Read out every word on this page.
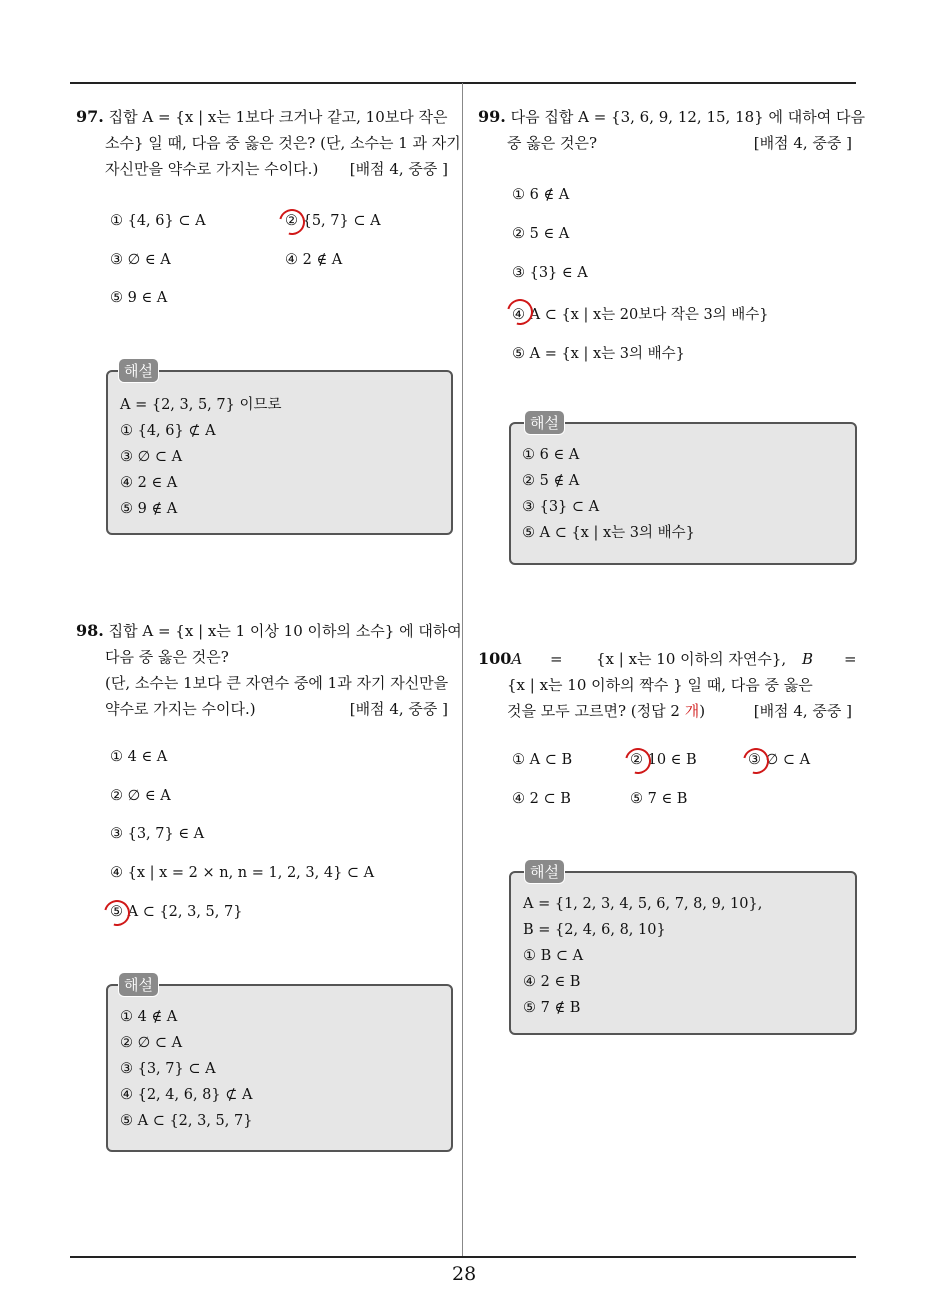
28
97. 집합 A = {x | x는 1보다 크거나 같고, 10보다 작은
소수} 일 때, 다음 중 옳은 것은? (단, 소수는 1 과 자기
자신만을 약수로 가지는 수이다.) [배점 4, 중중 ]
① {4, 6} ⊂ A	② {5, 7} ⊂ A
③ ∅ ∈ A	④ 2 ∉ A
⑤ 9 ∈ A
A = {2, 3, 5, 7} 이므로
① {4, 6} ⊄ A
③ ∅ ⊂ A
④ 2 ∈ A
⑤ 9 ∉ A
해설
98. 집합 A = {x | x는 1 이상 10 이하의 소수} 에 대하여
다음 중 옳은 것은?
(단, 소수는 1보다 큰 자연수 중에 1과 자기 자신만을
약수로 가지는 수이다.)	[배점 4, 중중 ]
① 4 ∈ A
② ∅ ∈ A
③ {3, 7} ∈ A
④ {x | x = 2 × n, n = 1, 2, 3, 4} ⊂ A
⑤ A ⊂ {2, 3, 5, 7}
① 4 ∉ A
② ∅ ⊂ A
③ {3, 7} ⊂ A
④ {2, 4, 6, 8} ⊄ A
⑤ A ⊂ {2, 3, 5, 7}
해설
99. 다음 집합 A = {3, 6, 9, 12, 15, 18} 에 대하여 다음
중 옳은 것은?	[배점 4, 중중 ]
① 6 ∉ A
② 5 ∈ A
③ {3} ∈ A
④ A ⊂ {x | x는 20보다 작은 3의 배수}
⑤ A = {x | x는 3의 배수}
① 6 ∈ A
② 5 ∉ A
③ {3} ⊂ A
⑤ A ⊂ {x | x는 3의 배수}
해설
100A = {x | x는 10 이하의 자연수}, B =
{x | x는 10 이하의 짝수 } 일 때, 다음 중 옳은
것을 모두 고르면? (정답 2 개)	[배점 4, 중중 ]
① A ⊂ B	② 10 ∈ B	③ ∅ ⊂ A
④ 2 ⊂ B	⑤ 7 ∈ B
A = {1, 2, 3, 4, 5, 6, 7, 8, 9, 10},
B = {2, 4, 6, 8, 10}
① B ⊂ A
④ 2 ∈ B
⑤ 7 ∉ B
해설
